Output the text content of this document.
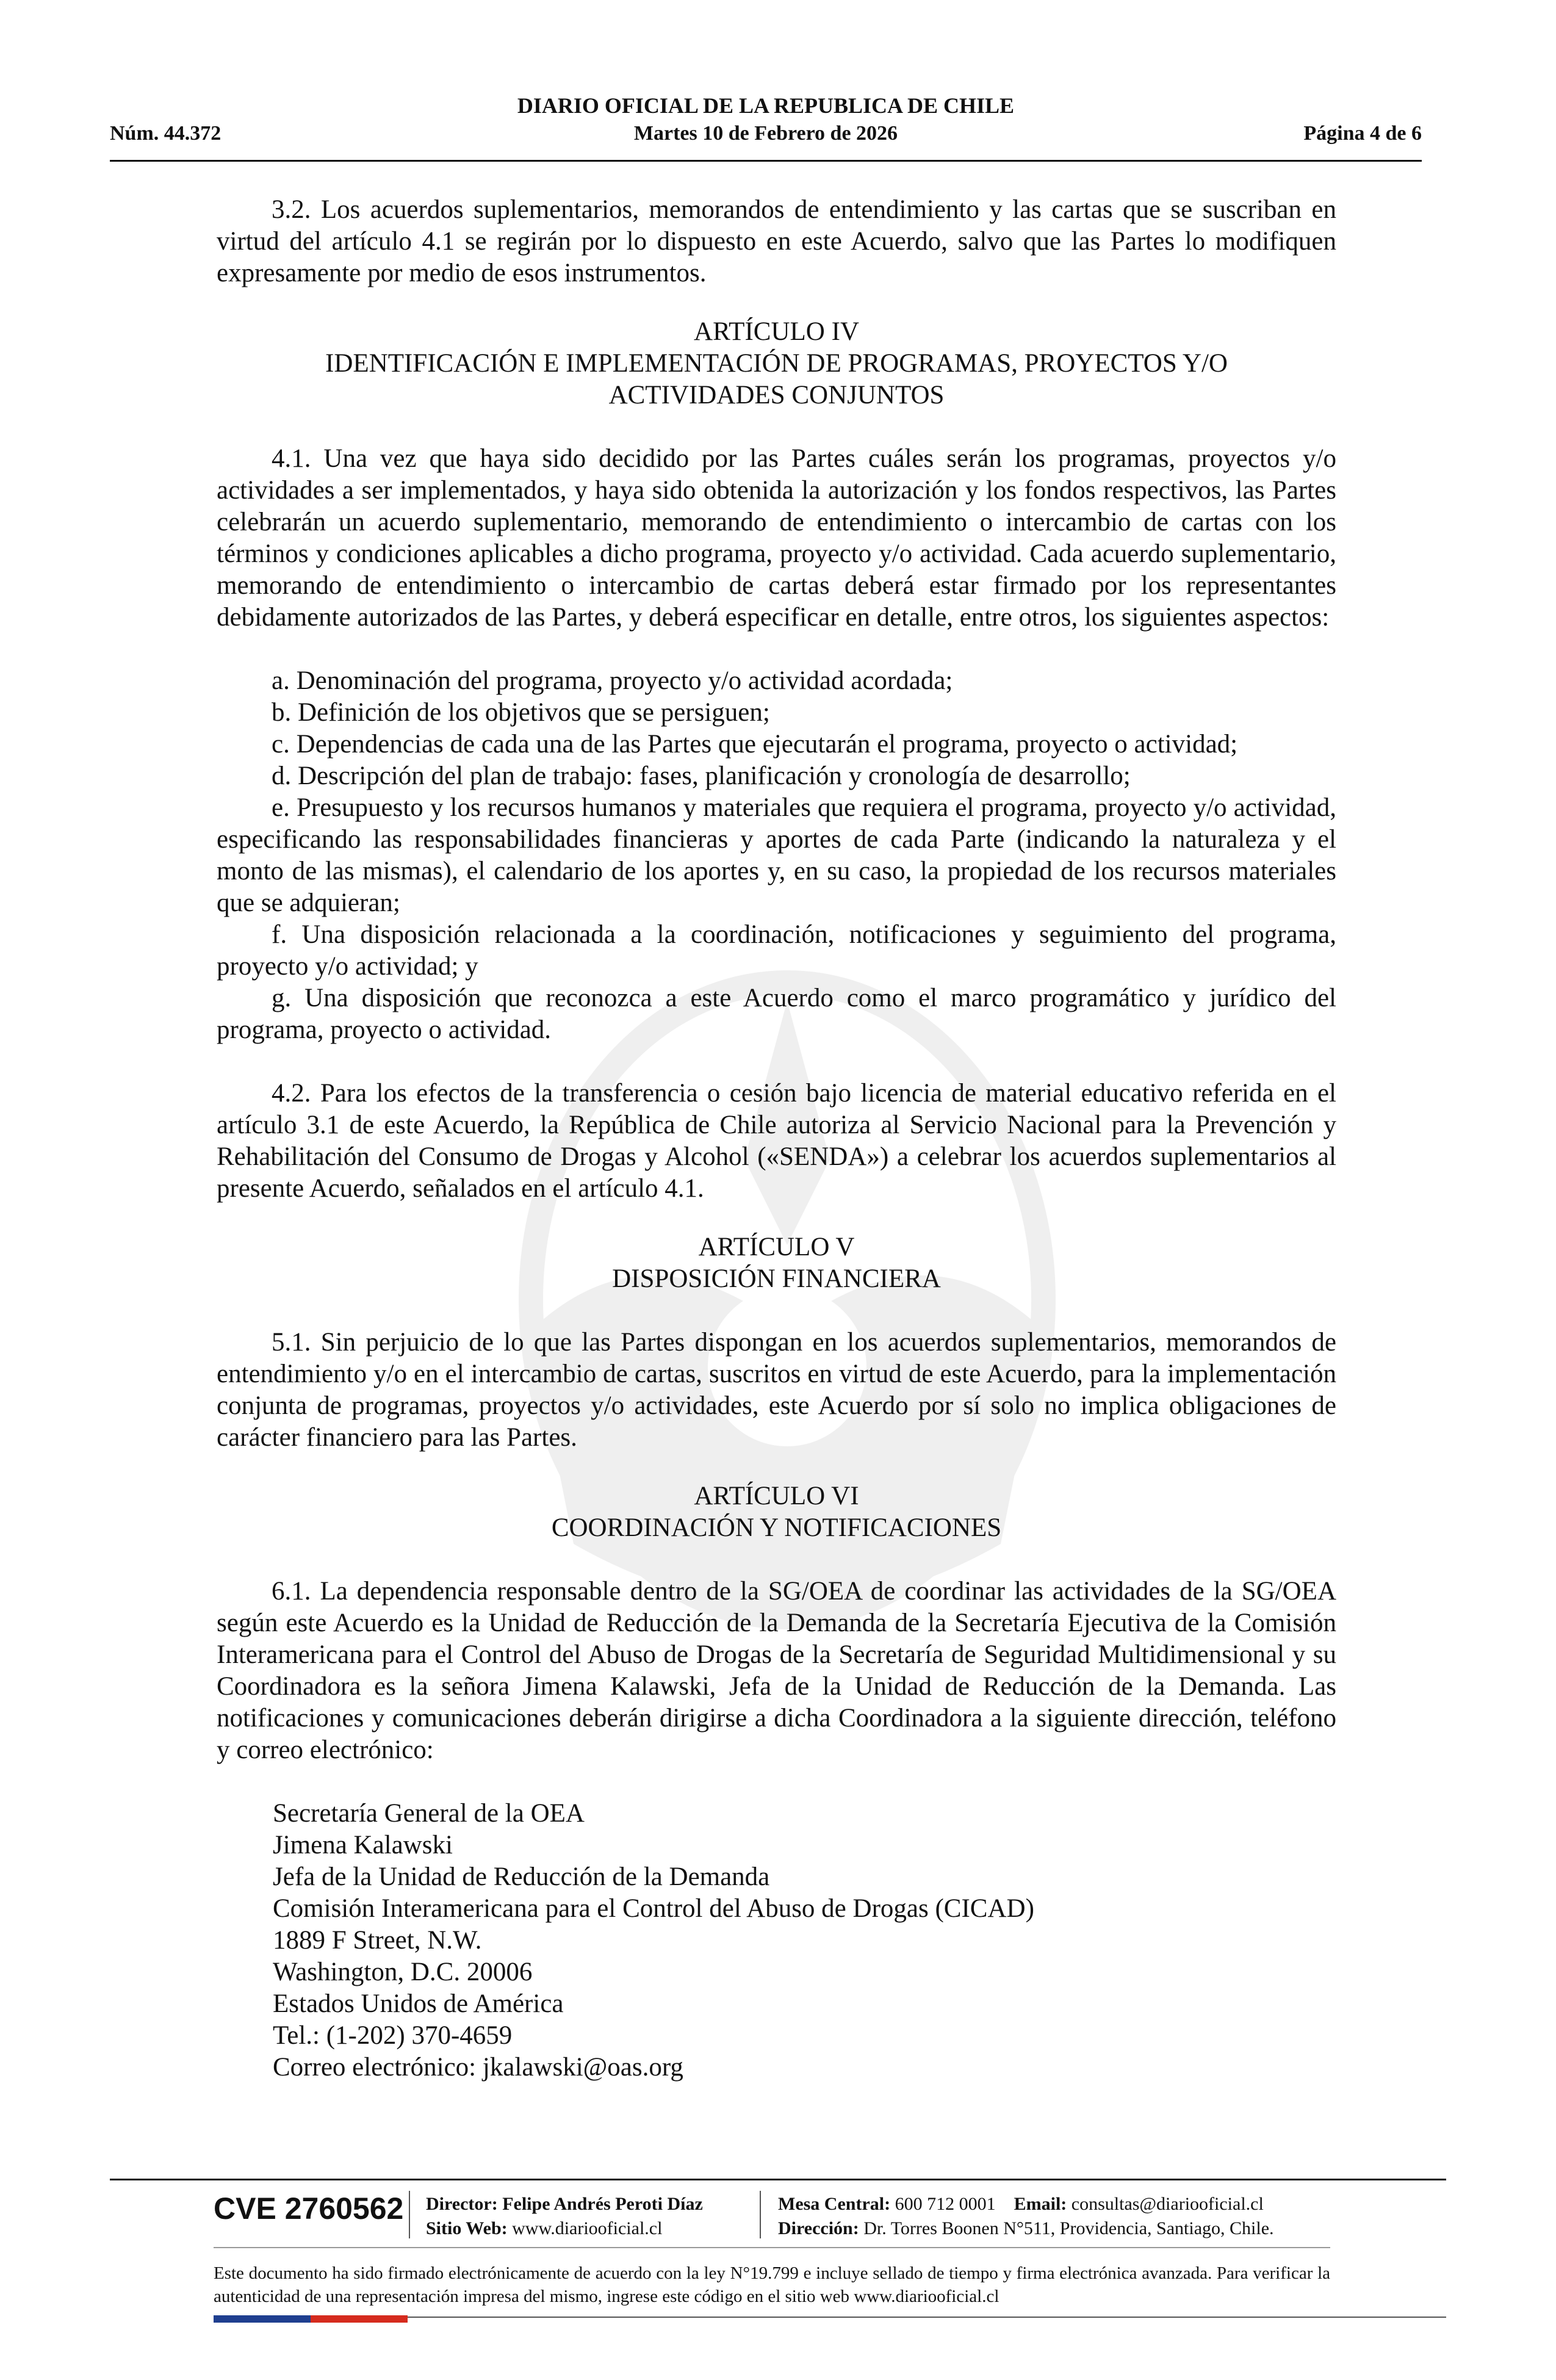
DIARIO OFICIAL DE LA REPUBLICA DE CHILE
Núm. 44.372	Martes 10 de Febrero de 2026	Página 4 de 6

3.2. Los acuerdos suplementarios, memorandos de entendimiento y las cartas que se suscriban en virtud del artículo 4.1 se regirán por lo dispuesto en este Acuerdo, salvo que las Partes lo modifiquen expresamente por medio de esos instrumentos.

ARTÍCULO IV
IDENTIFICACIÓN E IMPLEMENTACIÓN DE PROGRAMAS, PROYECTOS Y/O
ACTIVIDADES CONJUNTOS

4.1. Una vez que haya sido decidido por las Partes cuáles serán los programas, proyectos y/o actividades a ser implementados, y haya sido obtenida la autorización y los fondos respectivos, las Partes celebrarán un acuerdo suplementario, memorando de entendimiento o intercambio de cartas con los términos y condiciones aplicables a dicho programa, proyecto y/o actividad. Cada acuerdo suplementario, memorando de entendimiento o intercambio de cartas deberá estar firmado por los representantes debidamente autorizados de las Partes, y deberá especificar en detalle, entre otros, los siguientes aspectos:

a. Denominación del programa, proyecto y/o actividad acordada;

b. Definición de los objetivos que se persiguen;

c. Dependencias de cada una de las Partes que ejecutarán el programa, proyecto o actividad;

d. Descripción del plan de trabajo: fases, planificación y cronología de desarrollo;

e. Presupuesto y los recursos humanos y materiales que requiera el programa, proyecto y/o actividad, especificando las responsabilidades financieras y aportes de cada Parte (indicando la naturaleza y el monto de las mismas), el calendario de los aportes y, en su caso, la propiedad de los recursos materiales que se adquieran;

f. Una disposición relacionada a la coordinación, notificaciones y seguimiento del programa, proyecto y/o actividad; y

g. Una disposición que reconozca a este Acuerdo como el marco programático y jurídico del programa, proyecto o actividad.

4.2. Para los efectos de la transferencia o cesión bajo licencia de material educativo referida en el artículo 3.1 de este Acuerdo, la República de Chile autoriza al Servicio Nacional para la Prevención y Rehabilitación del Consumo de Drogas y Alcohol («SENDA») a celebrar los acuerdos suplementarios al presente Acuerdo, señalados en el artículo 4.1.

ARTÍCULO V
DISPOSICIÓN FINANCIERA

5.1. Sin perjuicio de lo que las Partes dispongan en los acuerdos suplementarios, memorandos de entendimiento y/o en el intercambio de cartas, suscritos en virtud de este Acuerdo, para la implementación conjunta de programas, proyectos y/o actividades, este Acuerdo por sí solo no implica obligaciones de carácter financiero para las Partes.

ARTÍCULO VI
COORDINACIÓN Y NOTIFICACIONES

6.1. La dependencia responsable dentro de la SG/OEA de coordinar las actividades de la SG/OEA según este Acuerdo es la Unidad de Reducción de la Demanda de la Secretaría Ejecutiva de la Comisión Interamericana para el Control del Abuso de Drogas de la Secretaría de Seguridad Multidimensional y su Coordinadora es la señora Jimena Kalawski, Jefa de la Unidad de Reducción de la Demanda. Las notificaciones y comunicaciones deberán dirigirse a dicha Coordinadora a la siguiente dirección, teléfono y correo electrónico:

Secretaría General de la OEA
Jimena Kalawski
Jefa de la Unidad de Reducción de la Demanda
Comisión Interamericana para el Control del Abuso de Drogas (CICAD)
1889 F Street, N.W.
Washington, D.C. 20006
Estados Unidos de América
Tel.: (1-202) 370-4659
Correo electrónico: jkalawski@oas.org
CVE 2760562 Director: Felipe Andrés Peroti Díaz
Sitio Web: www.diariooficial.cl
Mesa Central: 600 712 0001 Email: consultas@diariooficial.cl
Dirección: Dr. Torres Boonen N°511, Providencia, Santiago, Chile.
Este documento ha sido firmado electrónicamente de acuerdo con la ley N°19.799 e incluye sellado de tiempo y firma electrónica avanzada. Para verificar la autenticidad de una representación impresa del mismo, ingrese este código en el sitio web www.diariooficial.cl
